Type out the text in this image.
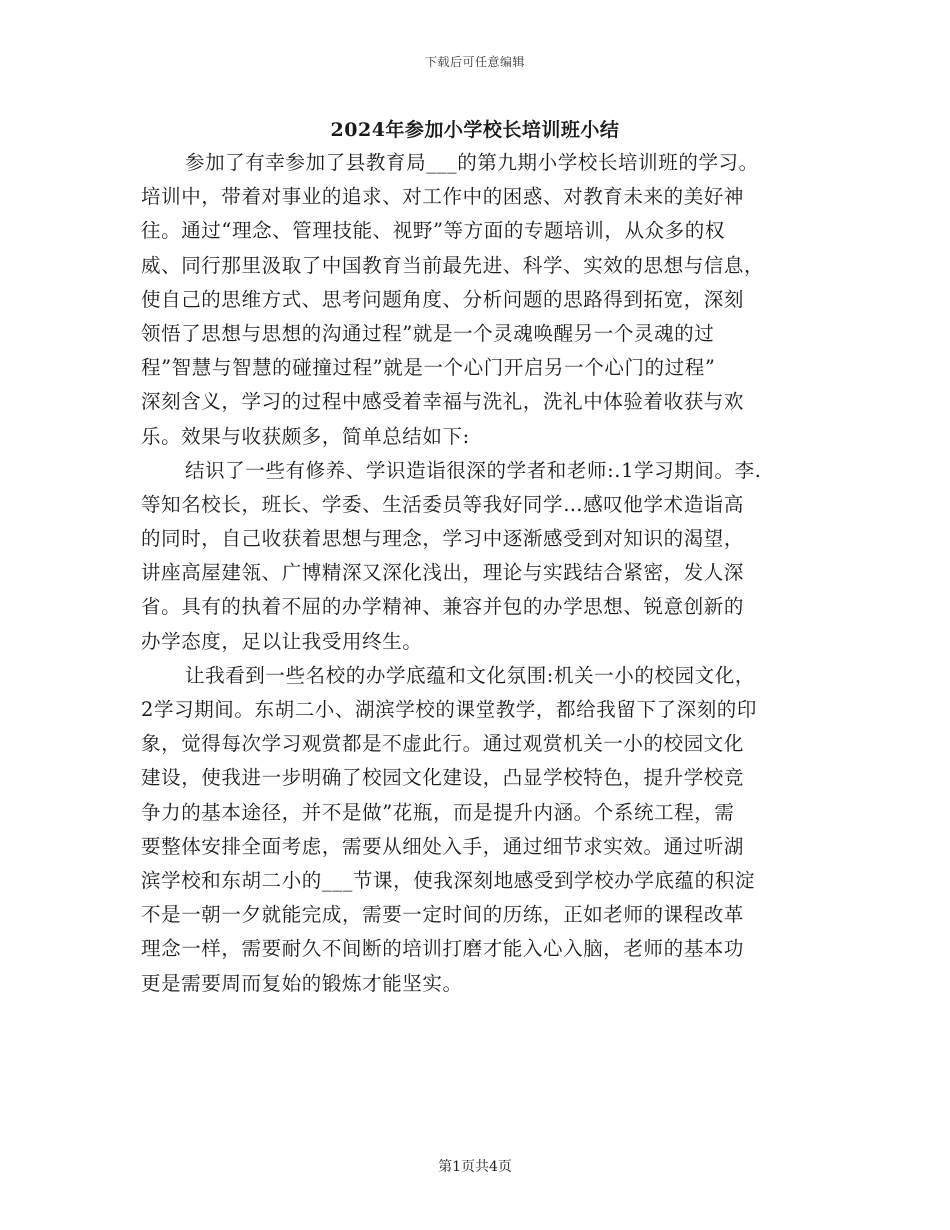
下载后可任意编辑
2024年参加小学校长培训班小结
参加了有幸参加了县教育局___的第九期小学校长培训班的学习。
培训中，带着对事业的追求、对工作中的困惑、对教育未来的美好神
往。通过“理念、管理技能、视野”等方面的专题培训，从众多的权
威、同行那里汲取了中国教育当前最先进、科学、实效的思想与信息，
使自己的思维方式、思考问题角度、分析问题的思路得到拓宽，深刻
领悟了思想与思想的沟通过程”就是一个灵魂唤醒另一个灵魂的过
程”智慧与智慧的碰撞过程”就是一个心门开启另一个心门的过程”
深刻含义，学习的过程中感受着幸福与洗礼，洗礼中体验着收获与欢
乐。效果与收获颇多，简单总结如下:
结识了一些有修养、学识造诣很深的学者和老师:.1学习期间。李.
等知名校长，班长、学委、生活委员等我好同学…感叹他学术造诣高
的同时，自己收获着思想与理念，学习中逐渐感受到对知识的渴望，
讲座高屋建瓴、广博精深又深化浅出，理论与实践结合紧密，发人深
省。具有的执着不屈的办学精神、兼容并包的办学思想、锐意创新的
办学态度，足以让我受用终生。
让我看到一些名校的办学底蕴和文化氛围:机关一小的校园文化，
2学习期间。东胡二小、湖滨学校的课堂教学，都给我留下了深刻的印
象，觉得每次学习观赏都是不虚此行。通过观赏机关一小的校园文化
建设，使我进一步明确了校园文化建设，凸显学校特色，提升学校竞
争力的基本途径，并不是做”花瓶，而是提升内涵。个系统工程，需
要整体安排全面考虑，需要从细处入手，通过细节求实效。通过听湖
滨学校和东胡二小的___节课，使我深刻地感受到学校办学底蕴的积淀
不是一朝一夕就能完成，需要一定时间的历练，正如老师的课程改革
理念一样，需要耐久不间断的培训打磨才能入心入脑，老师的基本功
更是需要周而复始的锻炼才能坚实。
第1页共4页
